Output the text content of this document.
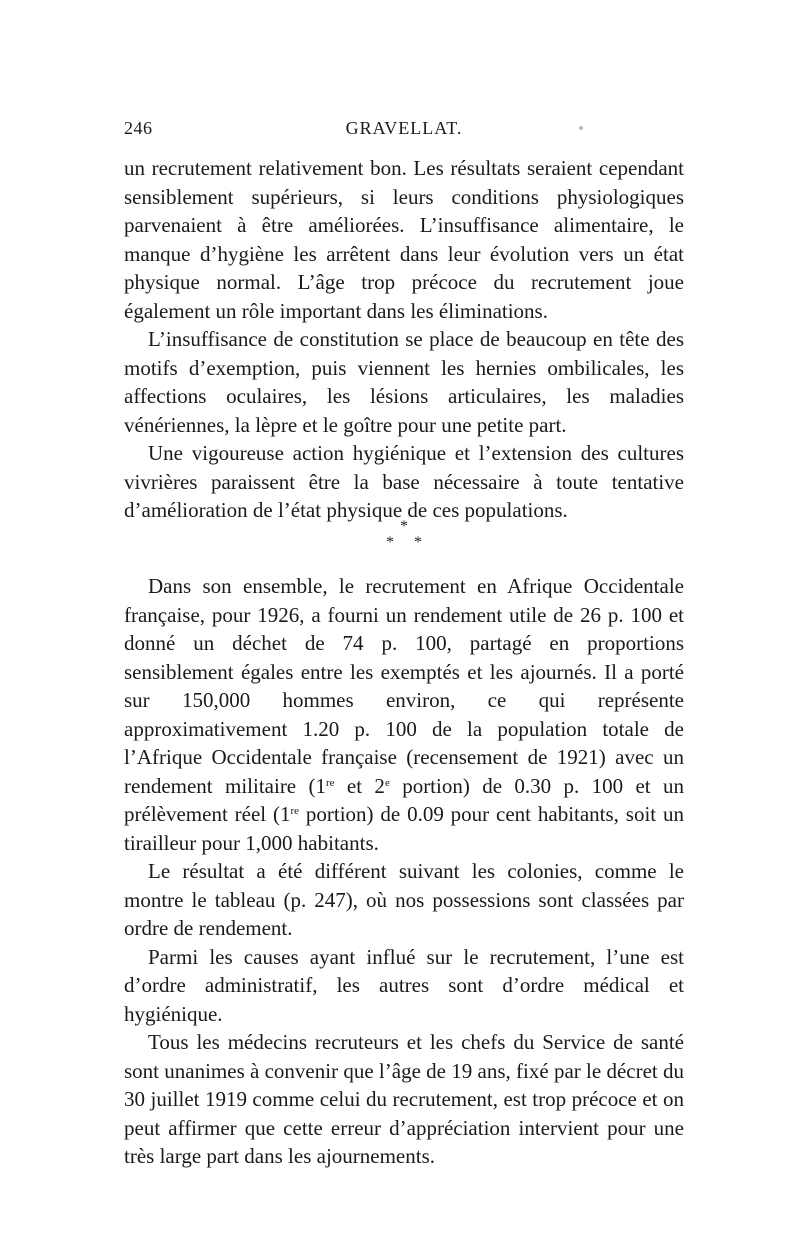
246	GRAVELLAT.

un recrutement relativement bon. Les résultats seraient cependant sensiblement supérieurs, si leurs conditions physiologiques parvenaient à être améliorées. L’insuffisance alimentaire, le manque d’hygiène les arrêtent dans leur évolution vers un état physique normal. L’âge trop précoce du recrutement joue également un rôle important dans les éliminations.

L’insuffisance de constitution se place de beaucoup en tête des motifs d’exemption, puis viennent les hernies ombilicales, les affections oculaires, les lésions articulaires, les maladies vénériennes, la lèpre et le goître pour une petite part.

Une vigoureuse action hygiénique et l’extension des cultures vivrières paraissent être la base nécessaire à toute tentative d’amélioration de l’état physique de ces populations.

*
* *

Dans son ensemble, le recrutement en Afrique Occidentale française, pour 1926, a fourni un rendement utile de 26 p. 100 et donné un déchet de 74 p. 100, partagé en proportions sensiblement égales entre les exemptés et les ajournés. Il a porté sur 150,000 hommes environ, ce qui représente approximativement 1.20 p. 100 de la population totale de l’Afrique Occidentale française (recensement de 1921) avec un rendement militaire (1re et 2e portion) de 0.30 p. 100 et un prélèvement réel (1re portion) de 0.09 pour cent habitants, soit un tirailleur pour 1,000 habitants.

Le résultat a été différent suivant les colonies, comme le montre le tableau (p. 247), où nos possessions sont classées par ordre de rendement.

Parmi les causes ayant influé sur le recrutement, l’une est d’ordre administratif, les autres sont d’ordre médical et hygiénique.

Tous les médecins recruteurs et les chefs du Service de santé sont unanimes à convenir que l’âge de 19 ans, fixé par le décret du 30 juillet 1919 comme celui du recrutement, est trop précoce et on peut affirmer que cette erreur d’appréciation intervient pour une très large part dans les ajournements.
